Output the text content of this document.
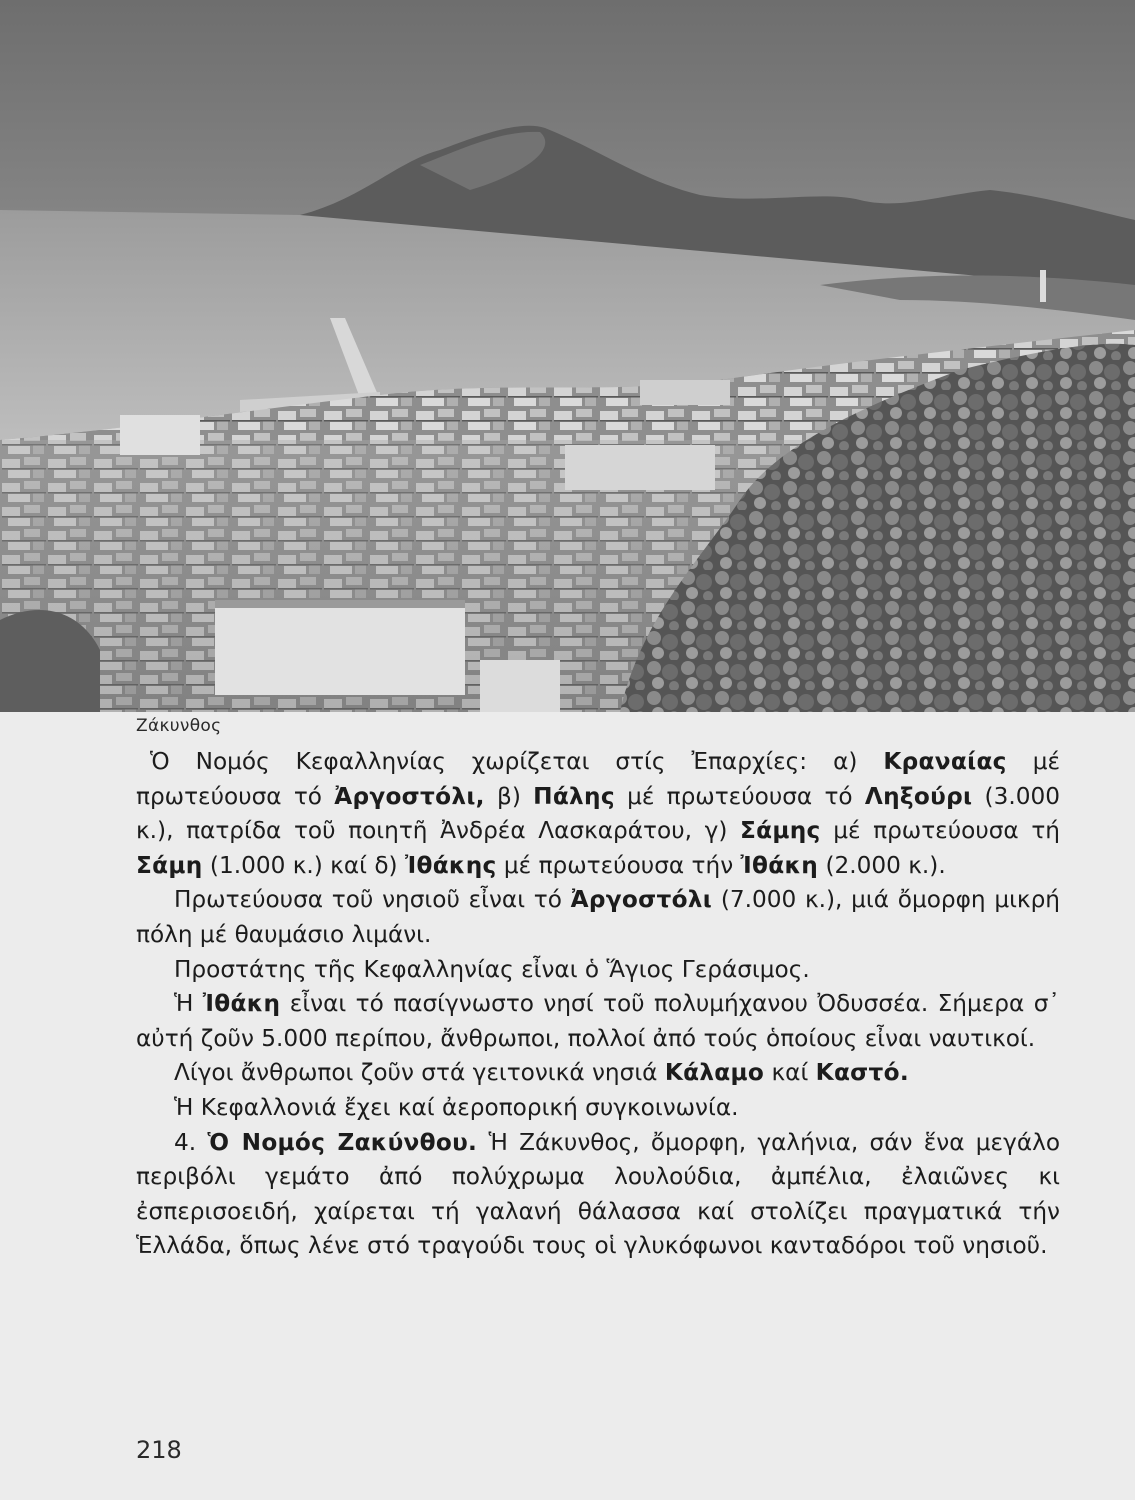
Ζάκυνθος

Ὁ Νομός Κεφαλληνίας χωρίζεται στίς Ἐπαρχίες: α) Κραναίας μέ πρωτεύουσα τό Ἀργοστόλι, β) Πάλης μέ πρωτεύουσα τό Ληξούρι (3.000 κ.), πατρίδα τοῦ ποιητῆ Ἀνδρέα Λασκαράτου, γ) Σάμης μέ πρωτεύουσα τή Σάμη (1.000 κ.) καί δ) Ἰθάκης μέ πρωτεύουσα τήν Ἰθάκη (2.000 κ.).

Πρωτεύουσα τοῦ νησιοῦ εἶναι τό Ἀργοστόλι (7.000 κ.), μιά ὄμορφη μικρή πόλη μέ θαυμάσιο λιμάνι.

Προστάτης τῆς Κεφαλληνίας εἶναι ὁ Ἅγιος Γεράσιμος.

Ἡ Ἰθάκη εἶναι τό πασίγνωστο νησί τοῦ πολυμήχανου Ὀδυσσέα. Σήμερα σ᾽ αὐτή ζοῦν 5.000 περίπου, ἄνθρωποι, πολλοί ἀπό τούς ὁποίους εἶναι ναυτικοί.

Λίγοι ἄνθρωποι ζοῦν στά γειτονικά νησιά Κάλαμο καί Καστό.

Ἡ Κεφαλλονιά ἔχει καί ἀεροπορική συγκοινωνία.

4. Ὁ Νομός Ζακύνθου. Ἡ Ζάκυνθος, ὄμορφη, γαλήνια, σάν ἕνα μεγάλο περιβόλι γεμάτο ἀπό πολύχρωμα λουλούδια, ἀμπέλια, ἐλαιῶνες κι ἐσπερισοειδή, χαίρεται τή γαλανή θάλασσα καί στολίζει πραγματικά τήν Ἑλλάδα, ὅπως λένε στό τραγούδι τους οἱ γλυκόφωνοι κανταδόροι τοῦ νησιοῦ.

218
